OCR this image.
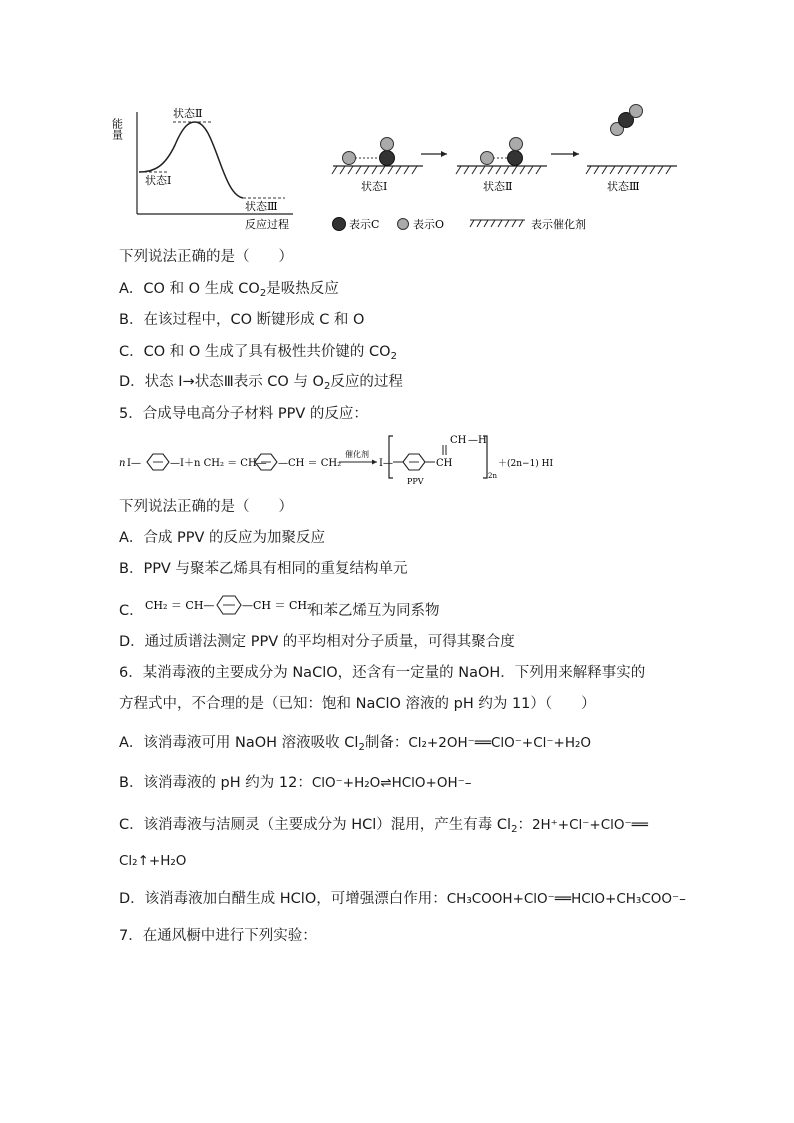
能量
状态Ⅰ
状态Ⅱ
状态Ⅲ
反应过程
状态Ⅰ	状态Ⅱ	状态Ⅲ
表示C	表示O	表示催化剂
下列说法正确的是（　　）
A．CO 和 O 生成 $CO_2$是吸热反应
B．在该过程中，CO 断键形成 C 和 O
C．CO 和 O 生成了具有极性共价键的 $CO_2$
D．状态 Ⅰ→状态Ⅲ表示 CO 与 $O_2$反应的过程
5．合成导电高分子材料 PPV 的反应：
n I—	—I＋n CH₂ ＝ CH— —CH ＝ CH₂
催化剂
I—	CH
CH —H
2n
PPV
＋(2n−1) HI
下列说法正确的是（　　）
A．合成 PPV 的反应为加聚反应
B．PPV 与聚苯乙烯具有相同的重复结构单元
C． CH₂ ＝ CH—	—CH ＝ CH₂
和苯乙烯互为同系物
D．通过质谱法测定 PPV 的平均相对分子质量，可得其聚合度
6．某消毒液的主要成分为 NaClO，还含有一定量的 NaOH．下列用来解释事实的
方程式中，不合理的是（已知：饱和 NaClO 溶液的 pH 约为 11）（　　）
A．该消毒液可用 NaOH 溶液吸收 $Cl_2$制备：Cl₂+2OH⁻══ClO⁻+Cl⁻+H₂O
B．该消毒液的 pH 约为 12：ClO⁻+H₂O⇌HClO+OH⁻–
C．该消毒液与洁厕灵（主要成分为 HCl）混用，产生有毒 $Cl_2$：2H⁺+Cl⁻+ClO⁻══
Cl₂↑+H₂O
D．该消毒液加白醋生成 HClO，可增强漂白作用：CH₃COOH+ClO⁻══HClO+CH₃COO⁻–
7．在通风橱中进行下列实验：
